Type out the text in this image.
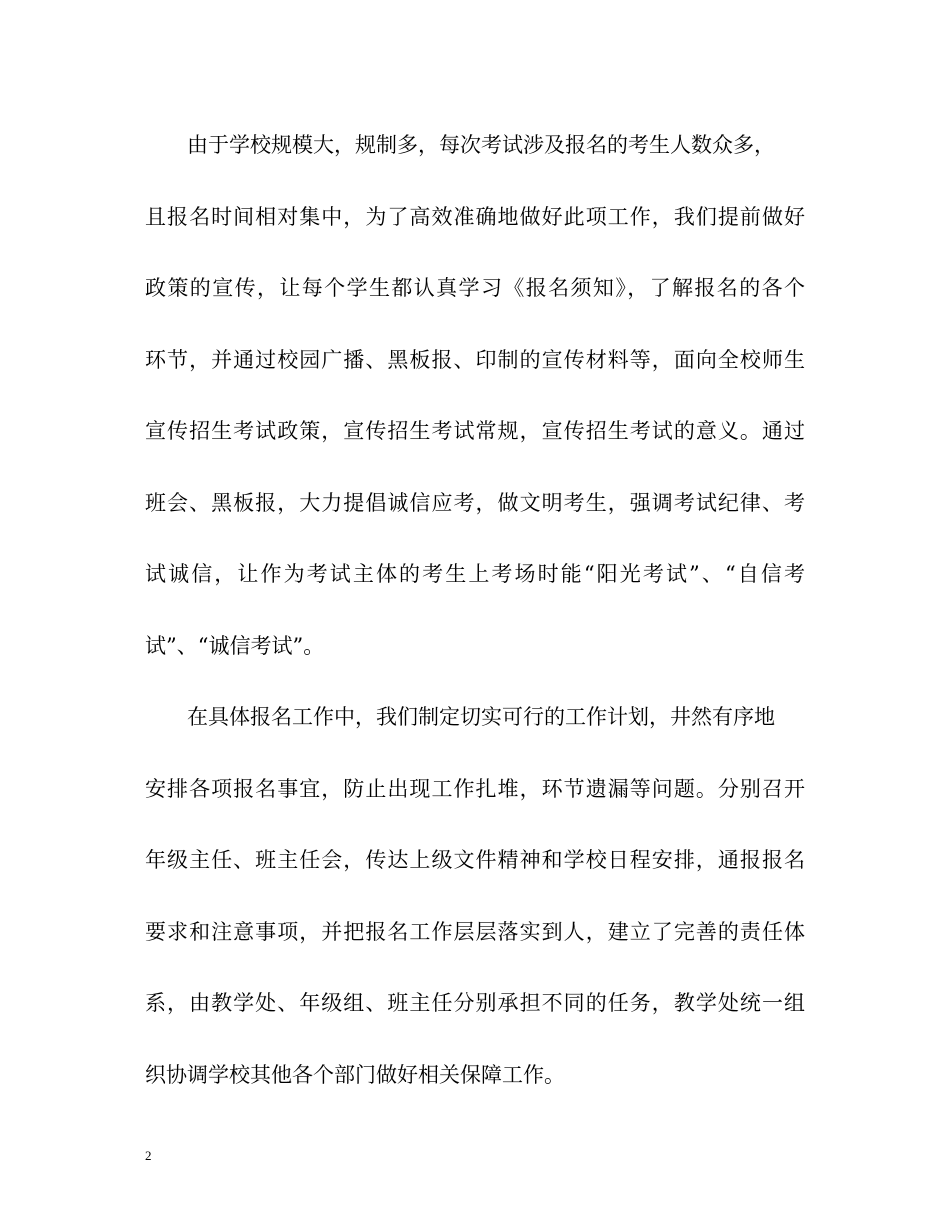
由于学校规模大，规制多，每次考试涉及报名的考生人数众多，
且报名时间相对集中，为了高效准确地做好此项工作，我们提前做好
政策的宣传，让每个学生都认真学习《报名须知》，了解报名的各个
环节，并通过校园广播、黑板报、印制的宣传材料等，面向全校师生
宣传招生考试政策，宣传招生考试常规，宣传招生考试的意义。通过
班会、黑板报，大力提倡诚信应考，做文明考生，强调考试纪律、考
试诚信，让作为考试主体的考生上考场时能“阳光考试”、“自信考
试”、“诚信考试”。
在具体报名工作中，我们制定切实可行的工作计划，井然有序地
安排各项报名事宜，防止出现工作扎堆，环节遗漏等问题。分别召开
年级主任、班主任会，传达上级文件精神和学校日程安排，通报报名
要求和注意事项，并把报名工作层层落实到人，建立了完善的责任体
系，由教学处、年级组、班主任分别承担不同的任务，教学处统一组
织协调学校其他各个部门做好相关保障工作。
2
